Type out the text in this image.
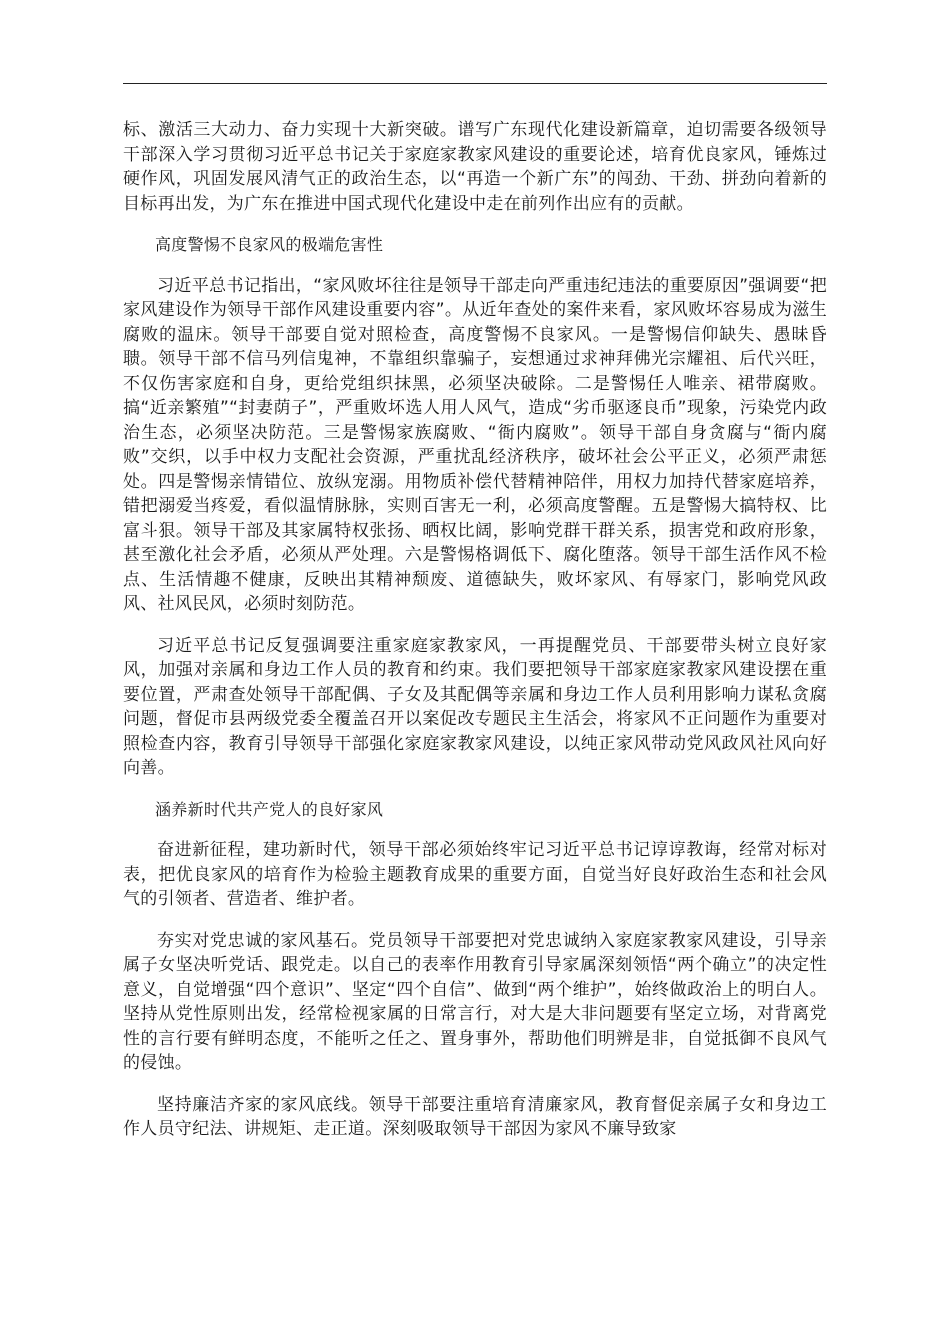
标、激活三大动力、奋力实现十大新突破。谱写广东现代化建设新篇章，迫切需要各级领导干部深入学习贯彻习近平总书记关于家庭家教家风建设的重要论述，培育优良家风，锤炼过硬作风，巩固发展风清气正的政治生态，以“再造一个新广东”的闯劲、干劲、拼劲向着新的目标再出发，为广东在推进中国式现代化建设中走在前列作出应有的贡献。

高度警惕不良家风的极端危害性

习近平总书记指出，“家风败坏往往是领导干部走向严重违纪违法的重要原因”强调要“把家风建设作为领导干部作风建设重要内容”。从近年查处的案件来看，家风败坏容易成为滋生腐败的温床。领导干部要自觉对照检查，高度警惕不良家风。一是警惕信仰缺失、愚昧昏聩。领导干部不信马列信鬼神，不靠组织靠骗子，妄想通过求神拜佛光宗耀祖、后代兴旺，不仅伤害家庭和自身，更给党组织抹黑，必须坚决破除。二是警惕任人唯亲、裙带腐败。搞“近亲繁殖”“封妻荫子”，严重败坏选人用人风气，造成“劣币驱逐良币”现象，污染党内政治生态，必须坚决防范。三是警惕家族腐败、“衙内腐败”。领导干部自身贪腐与“衙内腐败”交织，以手中权力支配社会资源，严重扰乱经济秩序，破坏社会公平正义，必须严肃惩处。四是警惕亲情错位、放纵宠溺。用物质补偿代替精神陪伴，用权力加持代替家庭培养，错把溺爱当疼爱，看似温情脉脉，实则百害无一利，必须高度警醒。五是警惕大搞特权、比富斗狠。领导干部及其家属特权张扬、晒权比阔，影响党群干群关系，损害党和政府形象，甚至激化社会矛盾，必须从严处理。六是警惕格调低下、腐化堕落。领导干部生活作风不检点、生活情趣不健康，反映出其精神颓废、道德缺失，败坏家风、有辱家门，影响党风政风、社风民风，必须时刻防范。

习近平总书记反复强调要注重家庭家教家风，一再提醒党员、干部要带头树立良好家风，加强对亲属和身边工作人员的教育和约束。我们要把领导干部家庭家教家风建设摆在重要位置，严肃查处领导干部配偶、子女及其配偶等亲属和身边工作人员利用影响力谋私贪腐问题，督促市县两级党委全覆盖召开以案促改专题民主生活会，将家风不正问题作为重要对照检查内容，教育引导领导干部强化家庭家教家风建设，以纯正家风带动党风政风社风向好向善。

涵养新时代共产党人的良好家风

奋进新征程，建功新时代，领导干部必须始终牢记习近平总书记谆谆教诲，经常对标对表，把优良家风的培育作为检验主题教育成果的重要方面，自觉当好良好政治生态和社会风气的引领者、营造者、维护者。

夯实对党忠诚的家风基石。党员领导干部要把对党忠诚纳入家庭家教家风建设，引导亲属子女坚决听党话、跟党走。以自己的表率作用教育引导家属深刻领悟“两个确立”的决定性意义，自觉增强“四个意识”、坚定“四个自信”、做到“两个维护”，始终做政治上的明白人。坚持从党性原则出发，经常检视家属的日常言行，对大是大非问题要有坚定立场，对背离党性的言行要有鲜明态度，不能听之任之、置身事外，帮助他们明辨是非，自觉抵御不良风气的侵蚀。

坚持廉洁齐家的家风底线。领导干部要注重培育清廉家风，教育督促亲属子女和身边工作人员守纪法、讲规矩、走正道。深刻吸取领导干部因为家风不廉导致家
